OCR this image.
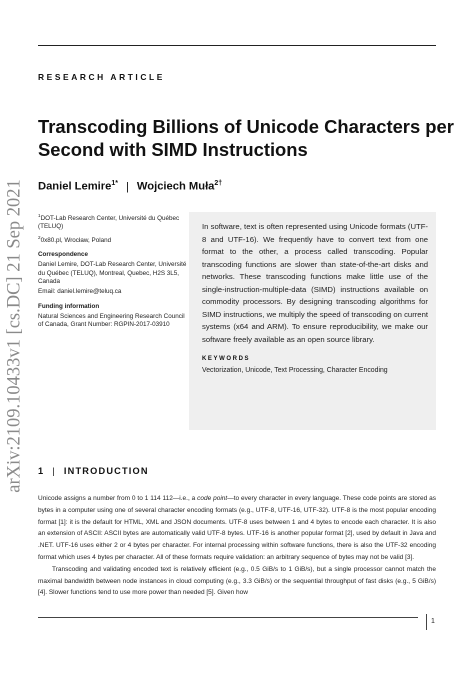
RESEARCH ARTICLE
Transcoding Billions of Unicode Characters per Second with SIMD Instructions
Daniel Lemire$^{1*}$ | Wojciech Muła$^{2\dagger}$

$^1$DOT-Lab Research Center, Université du Québec (TELUQ)

$^2$0x80.pl, Wrocław, Poland

Correspondence

Daniel Lemire, DOT-Lab Research Center, Université du Québec (TELUQ), Montreal, Quebec, H2S 3L5, Canada

Email: daniel.lemire@teluq.ca

Funding information

Natural Sciences and Engineering Research Council of Canada, Grant Number: RGPIN-2017-03910

In software, text is often represented using Unicode formats (UTF-8 and UTF-16). We frequently have to convert text from one format to the other, a process called transcoding. Popular transcoding functions are slower than state-of-the-art disks and networks. These transcoding functions make little use of the single-instruction-multiple-data (SIMD) instructions available on commodity processors. By designing transcoding algorithms for SIMD instructions, we multiply the speed of transcoding on current systems (x64 and ARM). To ensure reproducibility, we make our software freely available as an open source library.
KEYWORDS
Vectorization, Unicode, Text Processing, Character Encoding
arXiv:2109.10433v1 [cs.DC] 21 Sep 2021 1 | INTRODUCTION

Unicode assigns a number from 0 to 1 114 112—i.e., a code point—to every character in every language. These code points are stored as bytes in a computer using one of several character encoding formats (e.g., UTF-8, UTF-16, UTF-32). UTF-8 is the most popular encoding format [1]: it is the default for HTML, XML and JSON documents. UTF-8 uses between 1 and 4 bytes to encode each character. It is also an extension of ASCII: ASCII bytes are automatically valid UTF-8 bytes. UTF-16 is another popular format [2], used by default in Java and .NET. UTF-16 uses either 2 or 4 bytes per character. For internal processing within software functions, there is also the UTF-32 encoding format which uses 4 bytes per character. All of these formats require validation: an arbitrary sequence of bytes may not be valid [3].

Transcoding and validating encoded text is relatively efficient (e.g., 0.5 GiB/s to 1 GiB/s), but a single processor cannot match the maximal bandwidth between node instances in cloud computing (e.g., 3.3 GiB/s) or the sequential throughput of fast disks (e.g., 5 GiB/s) [4]. Slower functions tend to use more power than needed [5]. Given how

1
